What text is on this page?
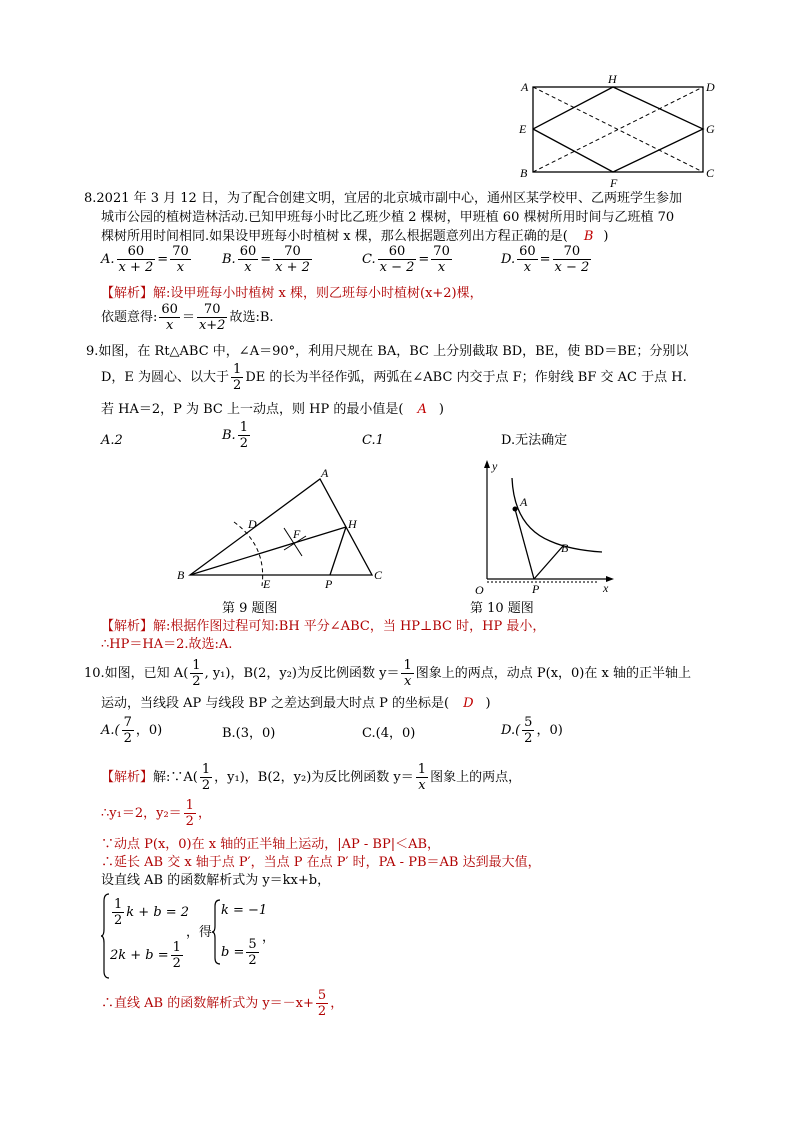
A
H
D
E	G
B
F
C
8.2021 年 3 月 12 日，为了配合创建文明，宜居的北京城市副中心，通州区某学校甲、乙两班学生参加
城市公园的植树造林活动.已知甲班每小时比乙班少植 2 棵树，甲班植 60 棵树所用时间与乙班植 70
棵树所用时间相同.如果设甲班每小时植树 x 棵，那么根据题意列出方程正确的是( B )
A. $\frac{60}{x + 2} = \frac{70}{x} B$. $\frac{60}{x} = \frac{70}{x + 2}$	C. $\frac{60}{x - 2} = \frac{70}{x}$	D. $\frac{60}{x} = \frac{70}{x - 2}$
【解析】解:设甲班每小时植树 x 棵，则乙班每小时植树(x+2)棵，
依题意得: $\frac{60}{x} = \frac{70}{x+2}$ 故选:B.
9.如图，在 Rt△ABC 中，∠A＝90°，利用尺规在 BA，BC 上分别截取 BD，BE，使 BD＝BE；分别以
D，E 为圆心、以大于 $\frac{1}{2}$ DE 的长为半径作弧，两弧在∠ABC 内交于点 F；作射线 BF 交 AC 于点 H.
若 HA＝2，P 为 BC 上一动点，则 HP 的最小值是( A )
A.2	B. $\frac{1}{2}$	C.1	D.无法确定
A
D
F
H
B
E	P
C
y
A
B
O	P	x
第 9 题图	第 10 题图
【解析】解:根据作图过程可知:BH 平分∠ABC，当 HP⊥BC 时，HP 最小，
∴HP＝HA＝2.故选:A.
10.如图，已知 $A( \frac{1}{2}$ , y₁)，B(2，y₂)为反比例函数 $y= \frac{1}{x}$ 图象上的两点，动点 P(x，0)在 x 轴的正半轴上
运动，当线段 AP 与线段 BP 之差达到最大时点 P 的坐标是( D )
$A.( \frac{7}{2}$ ，0)	B.(3，0)	C.(4，0)	$D.( \frac{5}{2}$ ，0)
【解析】解:∵A( $\frac{1}{2}$ ，y₁)，B(2，y₂)为反比例函数 $y= \frac{1}{x}$ 图象上的两点，
∴y₁＝2，$y_2= \frac{1}{2}$ ，
∵动点 P(x，0)在 x 轴的正半轴上运动，|AP - BP|＜AB，
∴延长 AB 交 x 轴于点 P′，当点 P 在点 P′ 时，PA - PB＝AB 达到最大值，
设直线 AB 的函数解析式为 y＝kx+b，
$\frac{1}{2}$ k + b = 2
$2k + b = \frac{1}{2}$
，得
k = −1
$b = \frac{5}{2}$ ，
∴直线 AB 的函数解析式为 $y=-x+ \frac{5}{2}$ ，
